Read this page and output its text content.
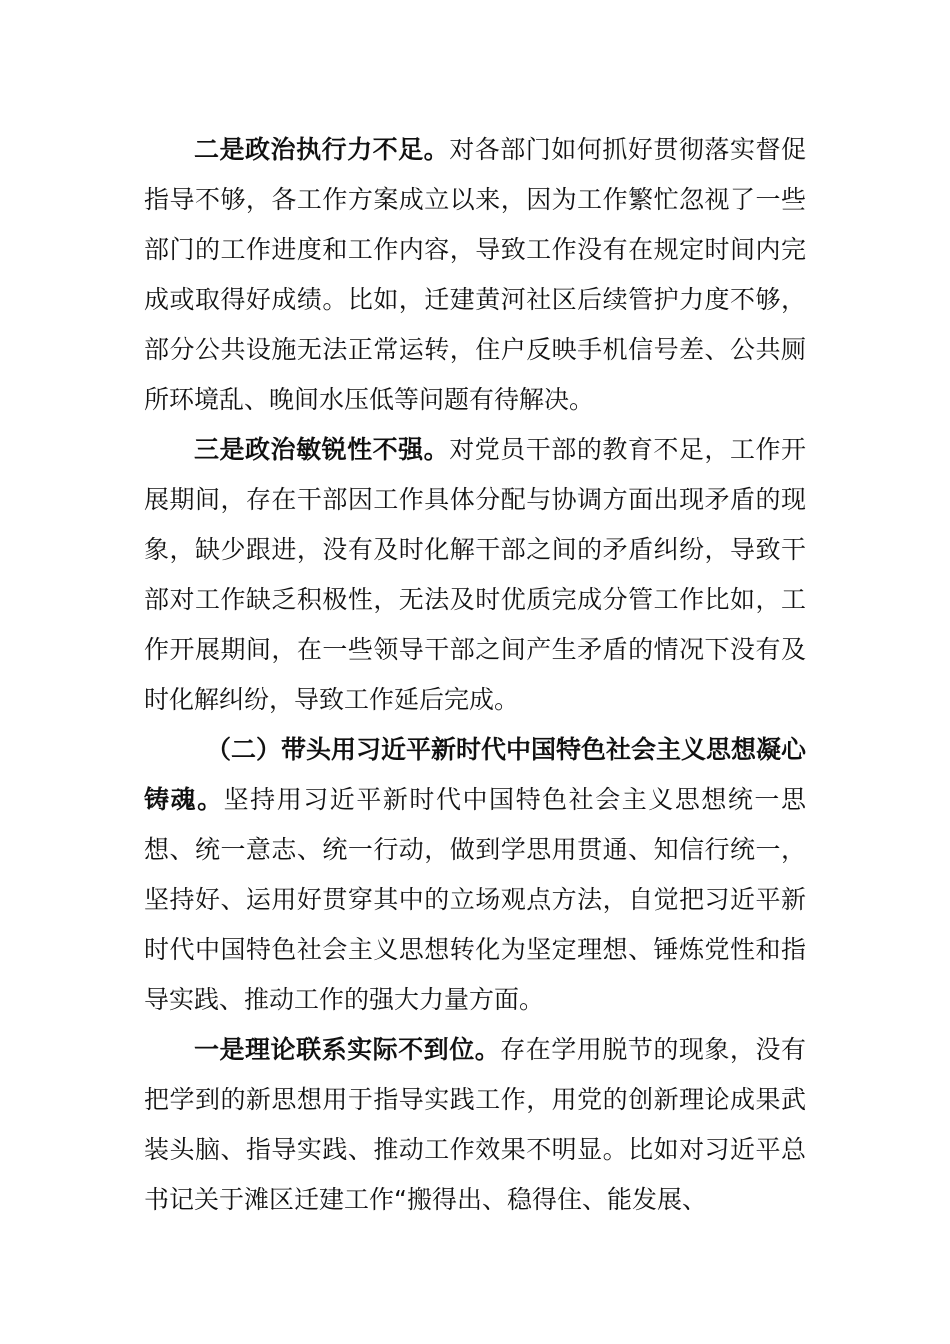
二是政治执行力不足。对各部门如何抓好贯彻落实督促指导不够，各工作方案成立以来，因为工作繁忙忽视了一些部门的工作进度和工作内容，导致工作没有在规定时间内完成或取得好成绩。比如，迁建黄河社区后续管护力度不够，部分公共设施无法正常运转，住户反映手机信号差、公共厕所环境乱、晚间水压低等问题有待解决。

三是政治敏锐性不强。对党员干部的教育不足，工作开展期间，存在干部因工作具体分配与协调方面出现矛盾的现象，缺少跟进，没有及时化解干部之间的矛盾纠纷，导致干部对工作缺乏积极性，无法及时优质完成分管工作比如，工作开展期间，在一些领导干部之间产生矛盾的情况下没有及时化解纠纷，导致工作延后完成。

（二）带头用习近平新时代中国特色社会主义思想凝心铸魂。坚持用习近平新时代中国特色社会主义思想统一思想、统一意志、统一行动，做到学思用贯通、知信行统一，坚持好、运用好贯穿其中的立场观点方法，自觉把习近平新时代中国特色社会主义思想转化为坚定理想、锤炼党性和指导实践、推动工作的强大力量方面。

一是理论联系实际不到位。存在学用脱节的现象，没有把学到的新思想用于指导实践工作，用党的创新理论成果武装头脑、指导实践、推动工作效果不明显。比如对习近平总书记关于滩区迁建工作“搬得出、稳得住、能发展、
